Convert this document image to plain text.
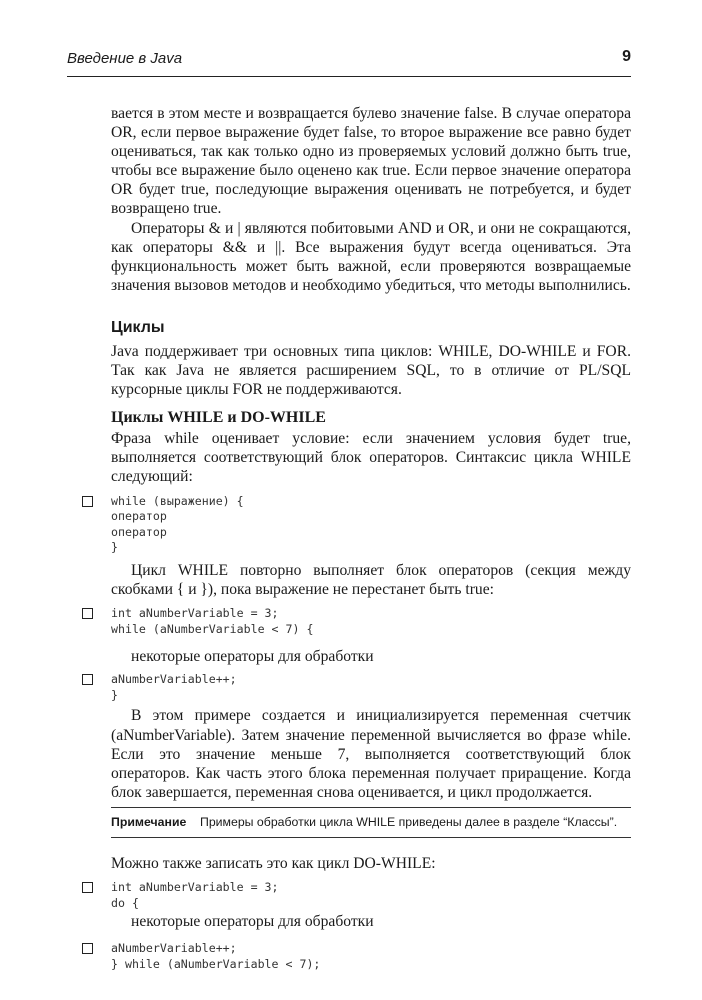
Введение в Java	9

вается в этом месте и возвращается булево значение false. В случае оператора OR, если первое выражение будет false, то второе выражение все равно будет оцениваться, так как только одно из проверяемых условий должно быть true, чтобы все выражение было оценено как true. Если первое значение оператора OR будет true, последующие выражения оценивать не потребуется, и будет возвращено true.

Операторы & и | являются побитовыми AND и OR, и они не сокращаются, как операторы && и ||. Все выражения будут всегда оцениваться. Эта функциональность может быть важной, если проверяются возвращаемые значения вызовов методов и необходимо убедиться, что методы выполнились.

Циклы

Java поддерживает три основных типа циклов: WHILE, DO-WHILE и FOR. Так как Java не является расширением SQL, то в отличие от PL/SQL курсорные циклы FOR не поддерживаются.

Циклы WHILE и DO-WHILE

Фраза while оценивает условие: если значением условия будет true, выполняется соответствующий блок операторов. Синтаксис цикла WHILE следующий:

while (выражение) {
оператор
оператор
}

Цикл WHILE повторно выполняет блок операторов (секция между скобками { и }), пока выражение не перестанет быть true:

int aNumberVariable = 3;
while (aNumberVariable < 7) {
некоторые операторы для обработки
aNumberVariable++;
}

В этом примере создается и инициализируется переменная счетчик (aNumberVariable). Затем значение переменной вычисляется во фразе while. Если это значение меньше 7, выполняется соответствующий блок операторов. Как часть этого блока переменная получает приращение. Когда блок завершается, переменная снова оценивается, и цикл продолжается.

Примечание Примеры обработки цикла WHILE приведены далее в разделе “Классы”.

Можно также записать это как цикл DO-WHILE:

int aNumberVariable = 3;
do {
некоторые операторы для обработки
aNumberVariable++;
} while (aNumberVariable < 7);
